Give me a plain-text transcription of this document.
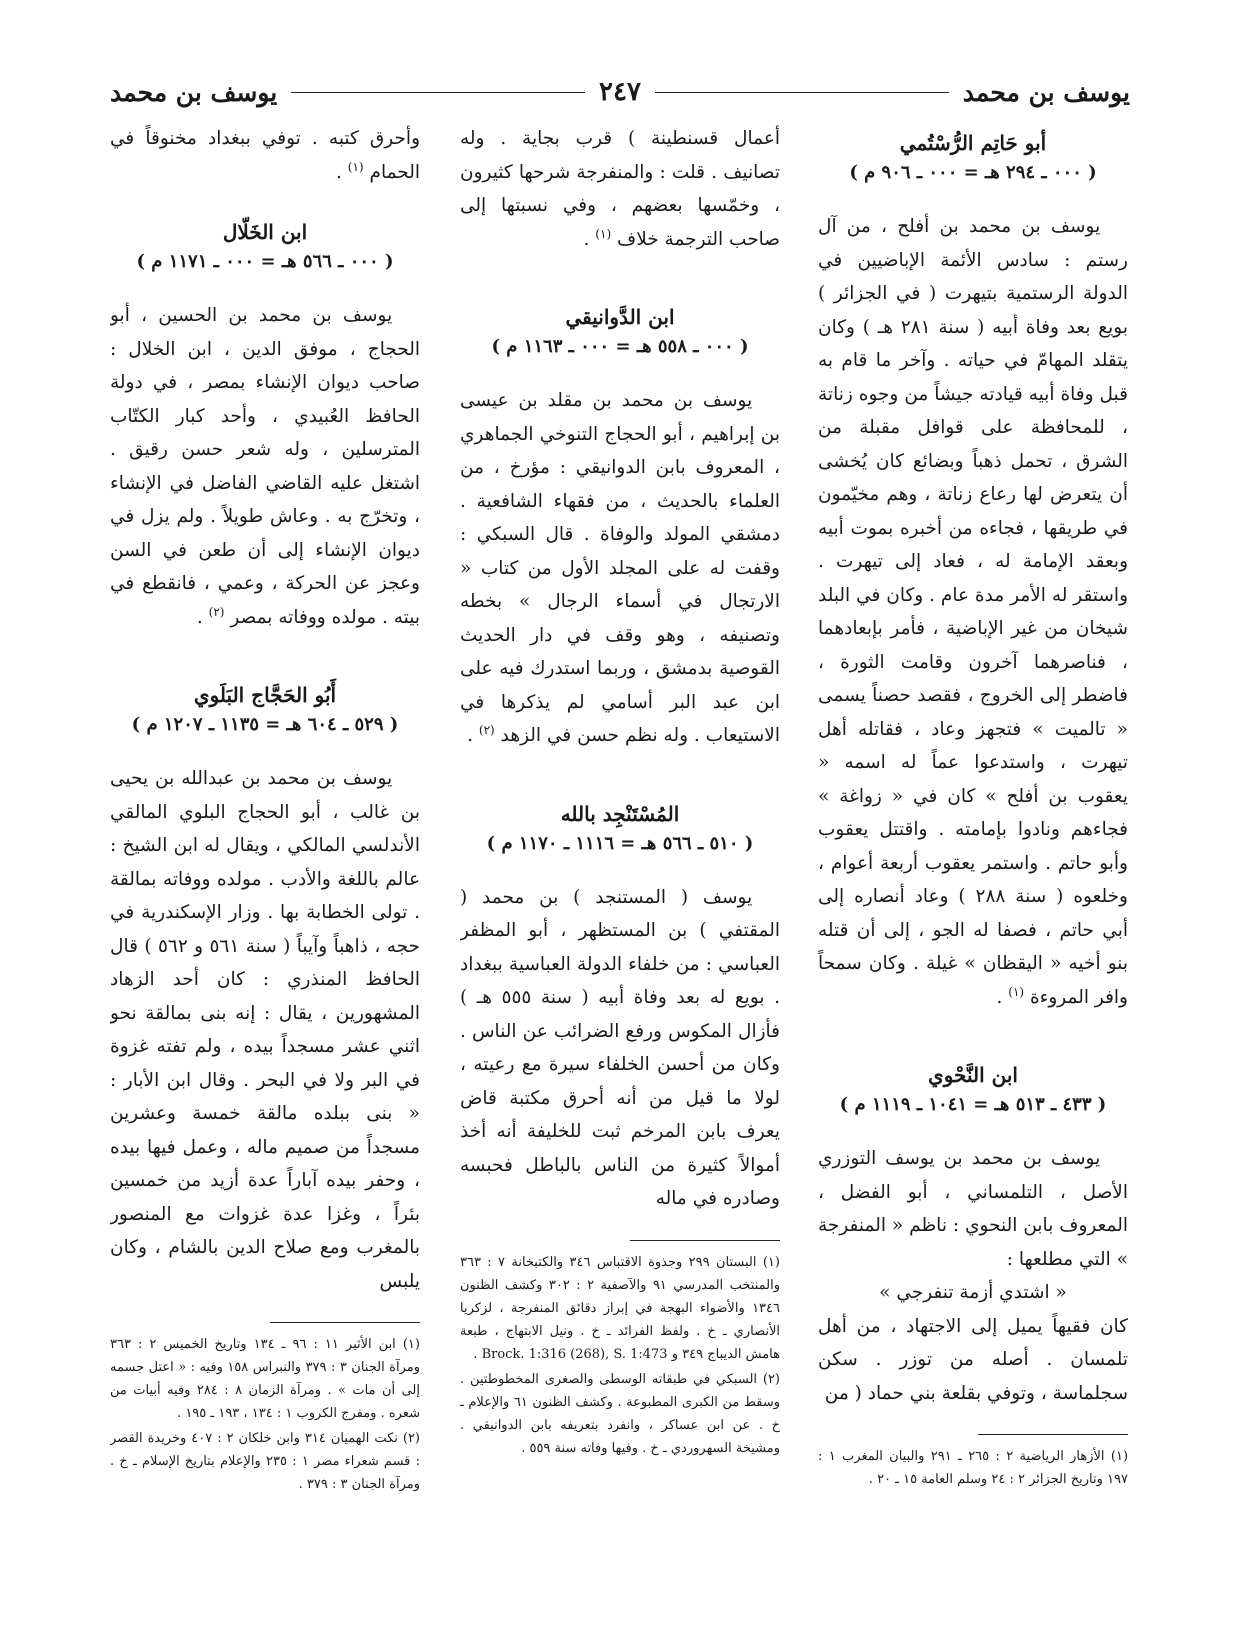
يوسف بن محمد
٢٤٧
يوسف بن محمد
أبو حَاتِم الرُّسْتُمي
( ٠٠٠ ـ ٢٩٤ هـ = ٠٠٠ ـ ٩٠٦ م )

يوسف بن محمد بن أفلح ، من آل رستم : سادس الأئمة الإباضيين في الدولة الرستمية بتيهرت ( في الجزائر ) بويع بعد وفاة أبيه ( سنة ٢٨١ هـ ) وكان يتقلد المهامّ في حياته . وآخر ما قام به قبل وفاة أبيه قيادته جيشاً من وجوه زناتة ، للمحافظة على قوافل مقبلة من الشرق ، تحمل ذهباً وبضائع كان يُخشى أن يتعرض لها رعاع زناتة ، وهم مخيّمون في طريقها ، فجاءه من أخبره بموت أبيه وبعقد الإمامة له ، فعاد إلى تيهرت . واستقر له الأمر مدة عام . وكان في البلد شيخان من غير الإباضية ، فأمر بإبعادهما ، فناصرهما آخرون وقامت الثورة ، فاضطر إلى الخروج ، فقصد حصناً يسمى « تالميت » فتجهز وعاد ، فقاتله أهل تيهرت ، واستدعوا عماً له اسمه « يعقوب بن أفلح » كان في « زواغة » فجاءهم ونادوا بإمامته . واقتتل يعقوب وأبو حاتم . واستمر يعقوب أربعة أعوام ، وخلعوه ( سنة ٢٨٨ ) وعاد أنصاره إلى أبي حاتم ، فصفا له الجو ، إلى أن قتله بنو أخيه « اليقظان » غيلة . وكان سمحاً وافر المروءة $^{(١)}$ .

ابن النَّحْوي
( ٤٣٣ ـ ٥١٣ هـ = ١٠٤١ ـ ١١١٩ م )

يوسف بن محمد بن يوسف التوزري الأصل ، التلمساني ، أبو الفضل ، المعروف بابن النحوي : ناظم « المنفرجة » التي مطلعها :

« اشتدي أزمة تنفرجي »

كان فقيهاً يميل إلى الاجتهاد ، من أهل تلمسان . أصله من توزر . سكن سجلماسة ، وتوفي بقلعة بني حماد ( من

(١) الأزهار الرياضية ٢ : ٢٦٥ ـ ٢٩١ والبيان المغرب ١ : ١٩٧ وتاريخ الجزائر ٢ : ٢٤ وسلم العامة ١٥ ـ ٢٠ .

أعمال قسنطينة ) قرب بجاية . وله تصانيف . قلت : والمنفرجة شرحها كثيرون ، وخمّسها بعضهم ، وفي نسبتها إلى صاحب الترجمة خلاف $^{(١)}$ .

ابن الدَّوانيقي
( ٠٠٠ ـ ٥٥٨ هـ = ٠٠٠ ـ ١١٦٣ م )

يوسف بن محمد بن مقلد بن عيسى بن إبراهيم ، أبو الحجاج التنوخي الجماهري ، المعروف بابن الدوانيقي : مؤرخ ، من العلماء بالحديث ، من فقهاء الشافعية . دمشقي المولد والوفاة . قال السبكي : وقفت له على المجلد الأول من كتاب « الارتجال في أسماء الرجال » بخطه وتصنيفه ، وهو وقف في دار الحديث القوصية بدمشق ، وربما استدرك فيه على ابن عبد البر أسامي لم يذكرها في الاستيعاب . وله نظم حسن في الزهد $^{(٢)}$ .

المُسْتَنْجِد بالله
( ٥١٠ ـ ٥٦٦ هـ = ١١١٦ ـ ١١٧٠ م )

يوسف ( المستنجد ) بن محمد ( المقتفي ) بن المستظهر ، أبو المظفر العباسي : من خلفاء الدولة العباسية ببغداد . بويع له بعد وفاة أبيه ( سنة ٥٥٥ هـ ) فأزال المكوس ورفع الضرائب عن الناس . وكان من أحسن الخلفاء سيرة مع رعيته ، لولا ما قيل من أنه أحرق مكتبة قاض يعرف بابن المرخم ثبت للخليفة أنه أخذ أموالاً كثيرة من الناس بالباطل فحبسه وصادره في ماله

(١) البستان ٢٩٩ وجذوة الاقتباس ٣٤٦ والكتبخانة ٧ : ٣٦٣ والمنتخب المدرسي ٩١ والآصفية ٢ : ٣٠٢ وكشف الظنون ١٣٤٦ والأضواء البهجة في إبراز دقائق المنفرجة ، لزكريا الأنصاري ـ خ . ولفظ الفرائد ـ خ . ونيل الابتهاج ، طبعة هامش الديباج ٣٤٩ و Brock. 1:316 (268), S. 1:473 .

(٢) السبكي في طبقاته الوسطى والصغرى المخطوطتين . وسقط من الكبرى المطبوعة . وكشف الظنون ٦١ والإعلام ـ خ . عن ابن عساكر ، وانفرد بتعريفه بابن الدوانيقي . ومشيخة السهروردي ـ خ . وفيها وفاته سنة ٥٥٩ .

وأحرق كتبه . توفي ببغداد مخنوقاً في الحمام $^{(١)}$ .

ابن الخَلّال
( ٠٠٠ ـ ٥٦٦ هـ = ٠٠٠ ـ ١١٧١ م )

يوسف بن محمد بن الحسين ، أبو الحجاج ، موفق الدين ، ابن الخلال : صاحب ديوان الإنشاء بمصر ، في دولة الحافظ العُبيدي ، وأحد كبار الكتّاب المترسلين ، وله شعر حسن رقيق . اشتغل عليه القاضي الفاضل في الإنشاء ، وتخرّج به . وعاش طويلاً . ولم يزل في ديوان الإنشاء إلى أن طعن في السن وعجز عن الحركة ، وعمي ، فانقطع في بيته . مولده ووفاته بمصر $^{(٢)}$ .

أَبُو الحَجَّاج البَلَوي
( ٥٢٩ ـ ٦٠٤ هـ = ١١٣٥ ـ ١٢٠٧ م )

يوسف بن محمد بن عبدالله بن يحيى بن غالب ، أبو الحجاج البلوي المالقي الأندلسي المالكي ، ويقال له ابن الشيخ : عالم باللغة والأدب . مولده ووفاته بمالقة . تولى الخطابة بها . وزار الإسكندرية في حجه ، ذاهباً وآيباً ( سنة ٥٦١ و ٥٦٢ ) قال الحافظ المنذري : كان أحد الزهاد المشهورين ، يقال : إنه بنى بمالقة نحو اثني عشر مسجداً بيده ، ولم تفته غزوة في البر ولا في البحر . وقال ابن الأبار : « بنى ببلده مالقة خمسة وعشرين مسجداً من صميم ماله ، وعمل فيها بيده ، وحفر بيده آباراً عدة أزيد من خمسين بئراً ، وغزا عدة غزوات مع المنصور بالمغرب ومع صلاح الدين بالشام ، وكان يلبس

(١) ابن الأثير ١١ : ٩٦ ـ ١٣٤ وتاريخ الخميس ٢ : ٣٦٣ ومرآة الجنان ٣ : ٣٧٩ والنبراس ١٥٨ وفيه : « اعتل جسمه إلى أن مات » . ومرآة الزمان ٨ : ٢٨٤ وفيه أبيات من شعره . ومفرج الكروب ١ : ١٣٤ ، ١٩٣ ـ ١٩٥ .

(٢) نكت الهميان ٣١٤ وابن خلكان ٢ : ٤٠٧ وخريدة القصر : قسم شعراء مصر ١ : ٢٣٥ والإعلام بتاريخ الإسلام ـ خ . ومرآة الجنان ٣ : ٣٧٩ .
